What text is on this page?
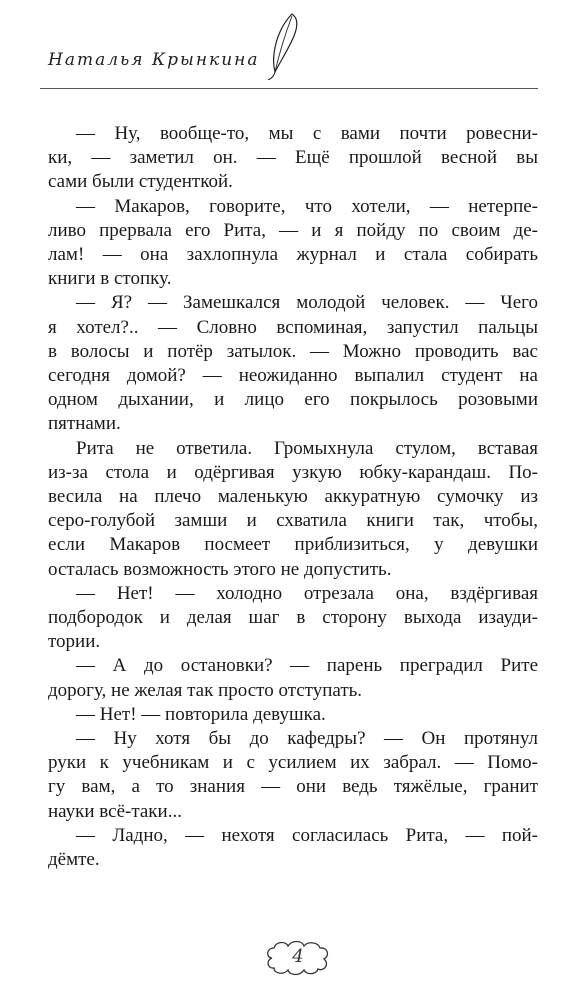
Наталья Крынкина
— Ну, вообще-то, мы с вами почти ровесни-
ки, — заметил он. — Ещё прошлой весной вы
сами были студенткой.
— Макаров, говорите, что хотели, — нетерпе-
ливо прервала его Рита, — и я пойду по своим де-
лам! — она захлопнула журнал и стала собирать
книги в стопку.
— Я? — Замешкался молодой человек. — Чего
я хотел?.. — Словно вспоминая, запустил пальцы
в волосы и потёр затылок. — Можно проводить вас
сегодня домой? — неожиданно выпалил студент на
одном дыхании, и лицо его покрылось розовыми
пятнами.
Рита не ответила. Громыхнула стулом, вставая
из-за стола и одёргивая узкую юбку-карандаш. По-
весила на плечо маленькую аккуратную сумочку из
серо-голубой замши и схватила книги так, чтобы,
если Макаров посмеет приблизиться, у девушки
осталась возможность этого не допустить.
— Нет! — холодно отрезала она, вздёргивая
подбородок и делая шаг в сторону выхода изауди-
тории.
— А до остановки? — парень преградил Рите
дорогу, не желая так просто отступать.
— Нет! — повторила девушка.
— Ну хотя бы до кафедры? — Он протянул
руки к учебникам и с усилием их забрал. — Помо-
гу вам, а то знания — они ведь тяжёлые, гранит
науки всё-таки...
— Ладно, — нехотя согласилась Рита, — пой-
дёмте.
4
